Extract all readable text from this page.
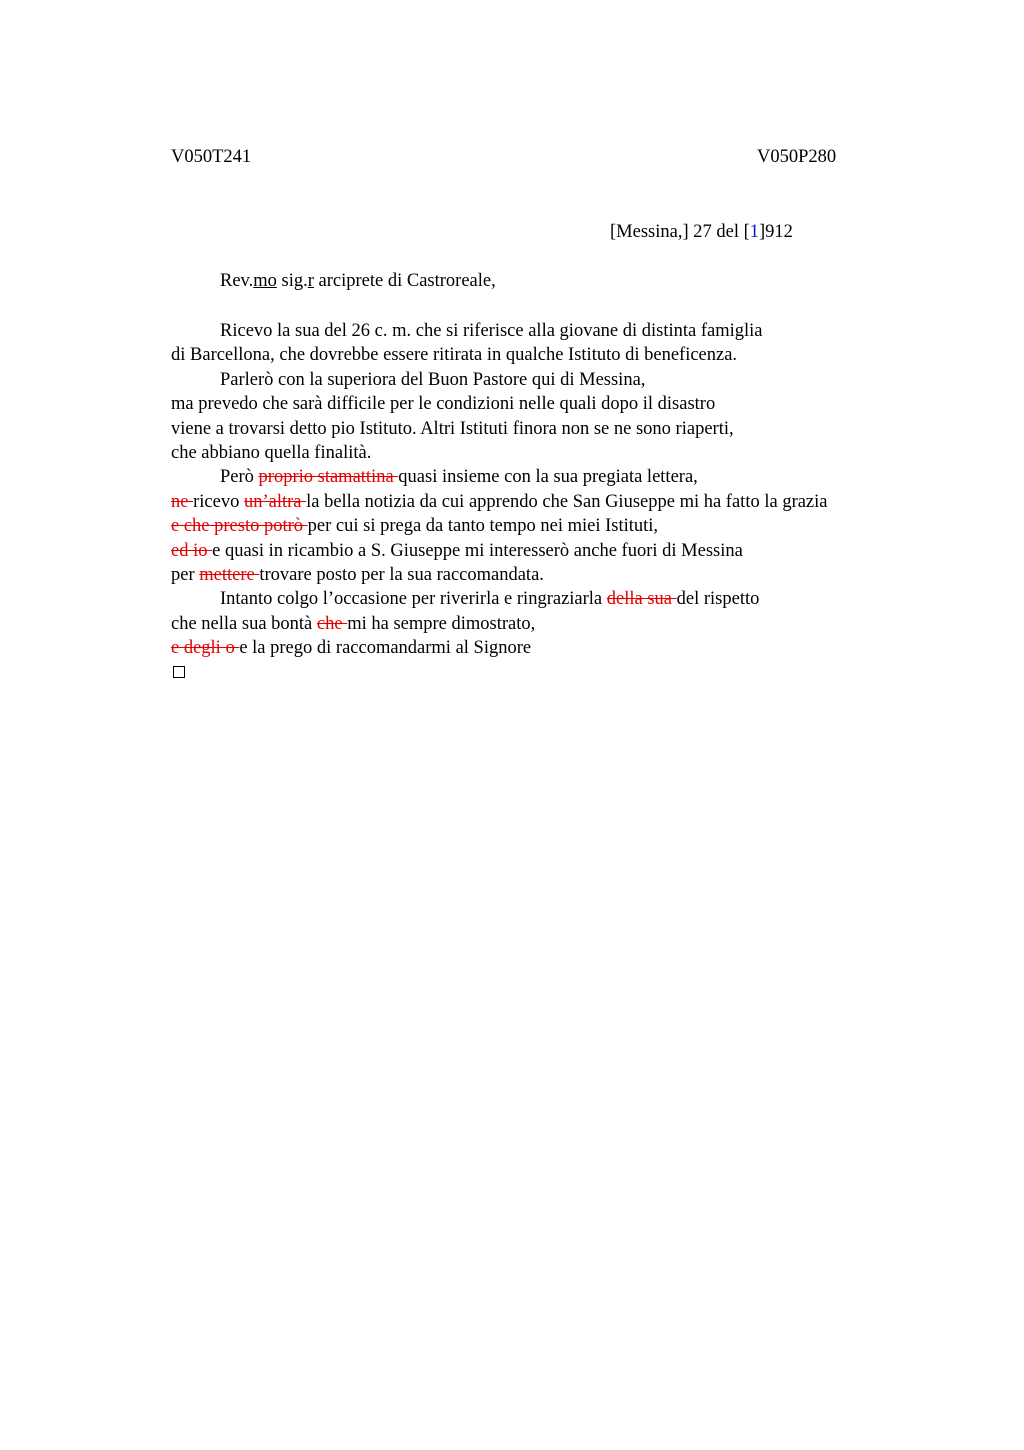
V050T241	V050P280
[Messina,] 27 del [1]912
Rev.mo sig.r arciprete di Castroreale,
Ricevo la sua del 26 c. m. che si riferisce alla giovane di distinta famiglia
di Barcellona, che dovrebbe essere ritirata in qualche Istituto di beneficenza.
Parlerò con la superiora del Buon Pastore qui di Messina,
ma prevedo che sarà difficile per le condizioni nelle quali dopo il disastro
viene a trovarsi detto pio Istituto. Altri Istituti finora non se ne sono riaperti,
che abbiano quella finalità.
Però proprio stamattina quasi insieme con la sua pregiata lettera,
ne ricevo un’altra la bella notizia da cui apprendo che San Giuseppe mi ha fatto la grazia
e che presto potrò per cui si prega da tanto tempo nei miei Istituti,
ed io e quasi in ricambio a S. Giuseppe mi interesserò anche fuori di Messina
per mettere trovare posto per la sua raccomandata.
Intanto colgo l’occasione per riverirla e ringraziarla della sua del rispetto
che nella sua bontà che mi ha sempre dimostrato,
e degli o e la prego di raccomandarmi al Signore
